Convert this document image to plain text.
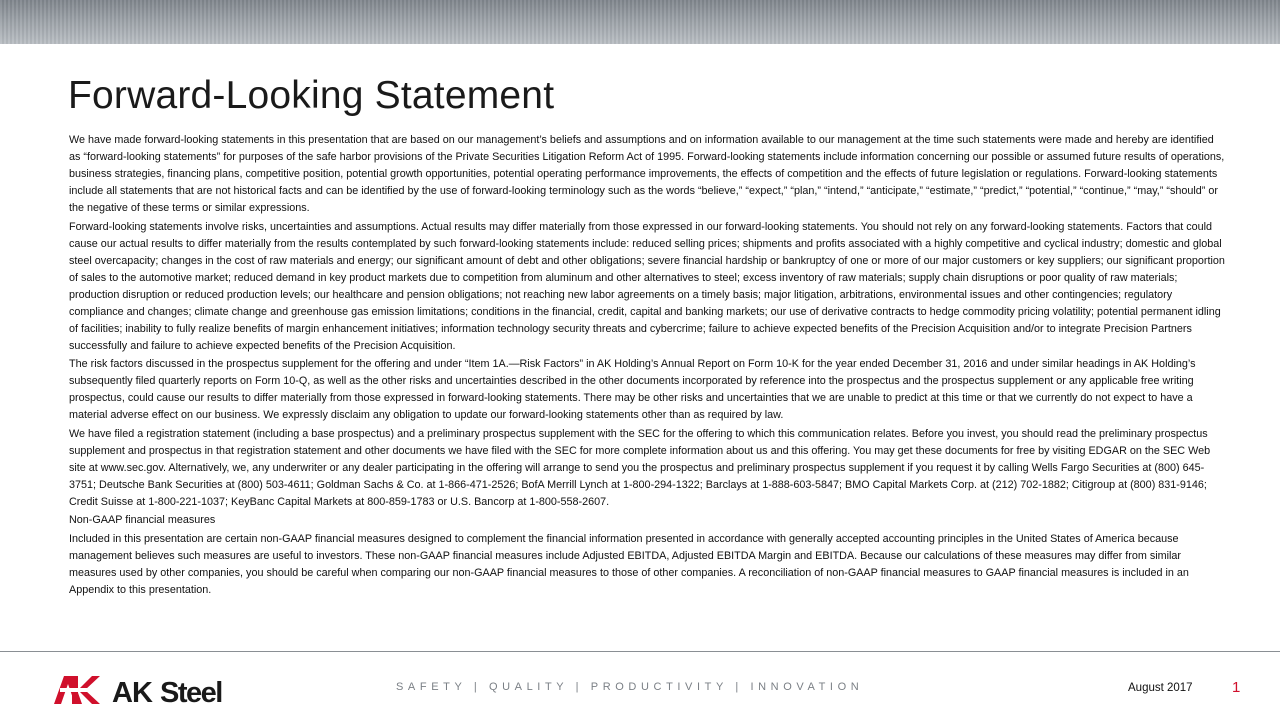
Forward-Looking Statement

We have made forward-looking statements in this presentation that are based on our management’s beliefs and assumptions and on information available to our management at the time such statements were made and hereby are identified as “forward-looking statements” for purposes of the safe harbor provisions of the Private Securities Litigation Reform Act of 1995. Forward-looking statements include information concerning our possible or assumed future results of operations, business strategies, financing plans, competitive position, potential growth opportunities, potential operating performance improvements, the effects of competition and the effects of future legislation or regulations. Forward-looking statements include all statements that are not historical facts and can be identified by the use of forward-looking terminology such as the words “believe,” “expect,” “plan,” “intend,” “anticipate,” “estimate,” “predict,” “potential,” “continue,” “may,” “should” or the negative of these terms or similar expressions.

Forward-looking statements involve risks, uncertainties and assumptions. Actual results may differ materially from those expressed in our forward-looking statements. You should not rely on any forward-looking statements. Factors that could cause our actual results to differ materially from the results contemplated by such forward-looking statements include: reduced selling prices; shipments and profits associated with a highly competitive and cyclical industry; domestic and global steel overcapacity; changes in the cost of raw materials and energy; our significant amount of debt and other obligations; severe financial hardship or bankruptcy of one or more of our major customers or key suppliers; our significant proportion of sales to the automotive market; reduced demand in key product markets due to competition from aluminum and other alternatives to steel; excess inventory of raw materials; supply chain disruptions or poor quality of raw materials; production disruption or reduced production levels; our healthcare and pension obligations; not reaching new labor agreements on a timely basis; major litigation, arbitrations, environmental issues and other contingencies; regulatory compliance and changes; climate change and greenhouse gas emission limitations; conditions in the financial, credit, capital and banking markets; our use of derivative contracts to hedge commodity pricing volatility; potential permanent idling of facilities; inability to fully realize benefits of margin enhancement initiatives; information technology security threats and cybercrime; failure to achieve expected benefits of the Precision Acquisition and/or to integrate Precision Partners successfully and failure to achieve expected benefits of the Precision Acquisition.

The risk factors discussed in the prospectus supplement for the offering and under “Item 1A.—Risk Factors” in AK Holding’s Annual Report on Form 10-K for the year ended December 31, 2016 and under similar headings in AK Holding’s subsequently filed quarterly reports on Form 10-Q, as well as the other risks and uncertainties described in the other documents incorporated by reference into the prospectus and the prospectus supplement or any applicable free writing prospectus, could cause our results to differ materially from those expressed in forward-looking statements. There may be other risks and uncertainties that we are unable to predict at this time or that we currently do not expect to have a material adverse effect on our business. We expressly disclaim any obligation to update our forward-looking statements other than as required by law.

We have filed a registration statement (including a base prospectus) and a preliminary prospectus supplement with the SEC for the offering to which this communication relates. Before you invest, you should read the preliminary prospectus supplement and prospectus in that registration statement and other documents we have filed with the SEC for more complete information about us and this offering. You may get these documents for free by visiting EDGAR on the SEC Web site at www.sec.gov. Alternatively, we, any underwriter or any dealer participating in the offering will arrange to send you the prospectus and preliminary prospectus supplement if you request it by calling Wells Fargo Securities at (800) 645-3751; Deutsche Bank Securities at (800) 503-4611; Goldman Sachs & Co. at 1-866-471-2526; BofA Merrill Lynch at 1-800-294-1322; Barclays at 1-888-603-5847; BMO Capital Markets Corp. at (212) 702-1882; Citigroup at (800) 831-9146; Credit Suisse at 1-800-221-1037; KeyBanc Capital Markets at 800-859-1783 or U.S. Bancorp at 1-800-558-2607.

Non-GAAP financial measures

Included in this presentation are certain non-GAAP financial measures designed to complement the financial information presented in accordance with generally accepted accounting principles in the United States of America because management believes such measures are useful to investors. These non-GAAP financial measures include Adjusted EBITDA, Adjusted EBITDA Margin and EBITDA. Because our calculations of these measures may differ from similar measures used by other companies, you should be careful when comparing our non-GAAP financial measures to those of other companies. A reconciliation of non-GAAP financial measures to GAAP financial measures is included in an Appendix to this presentation.

AK Steel	SAFETY | QUALITY | PRODUCTIVITY | INNOVATION	August 2017	1
